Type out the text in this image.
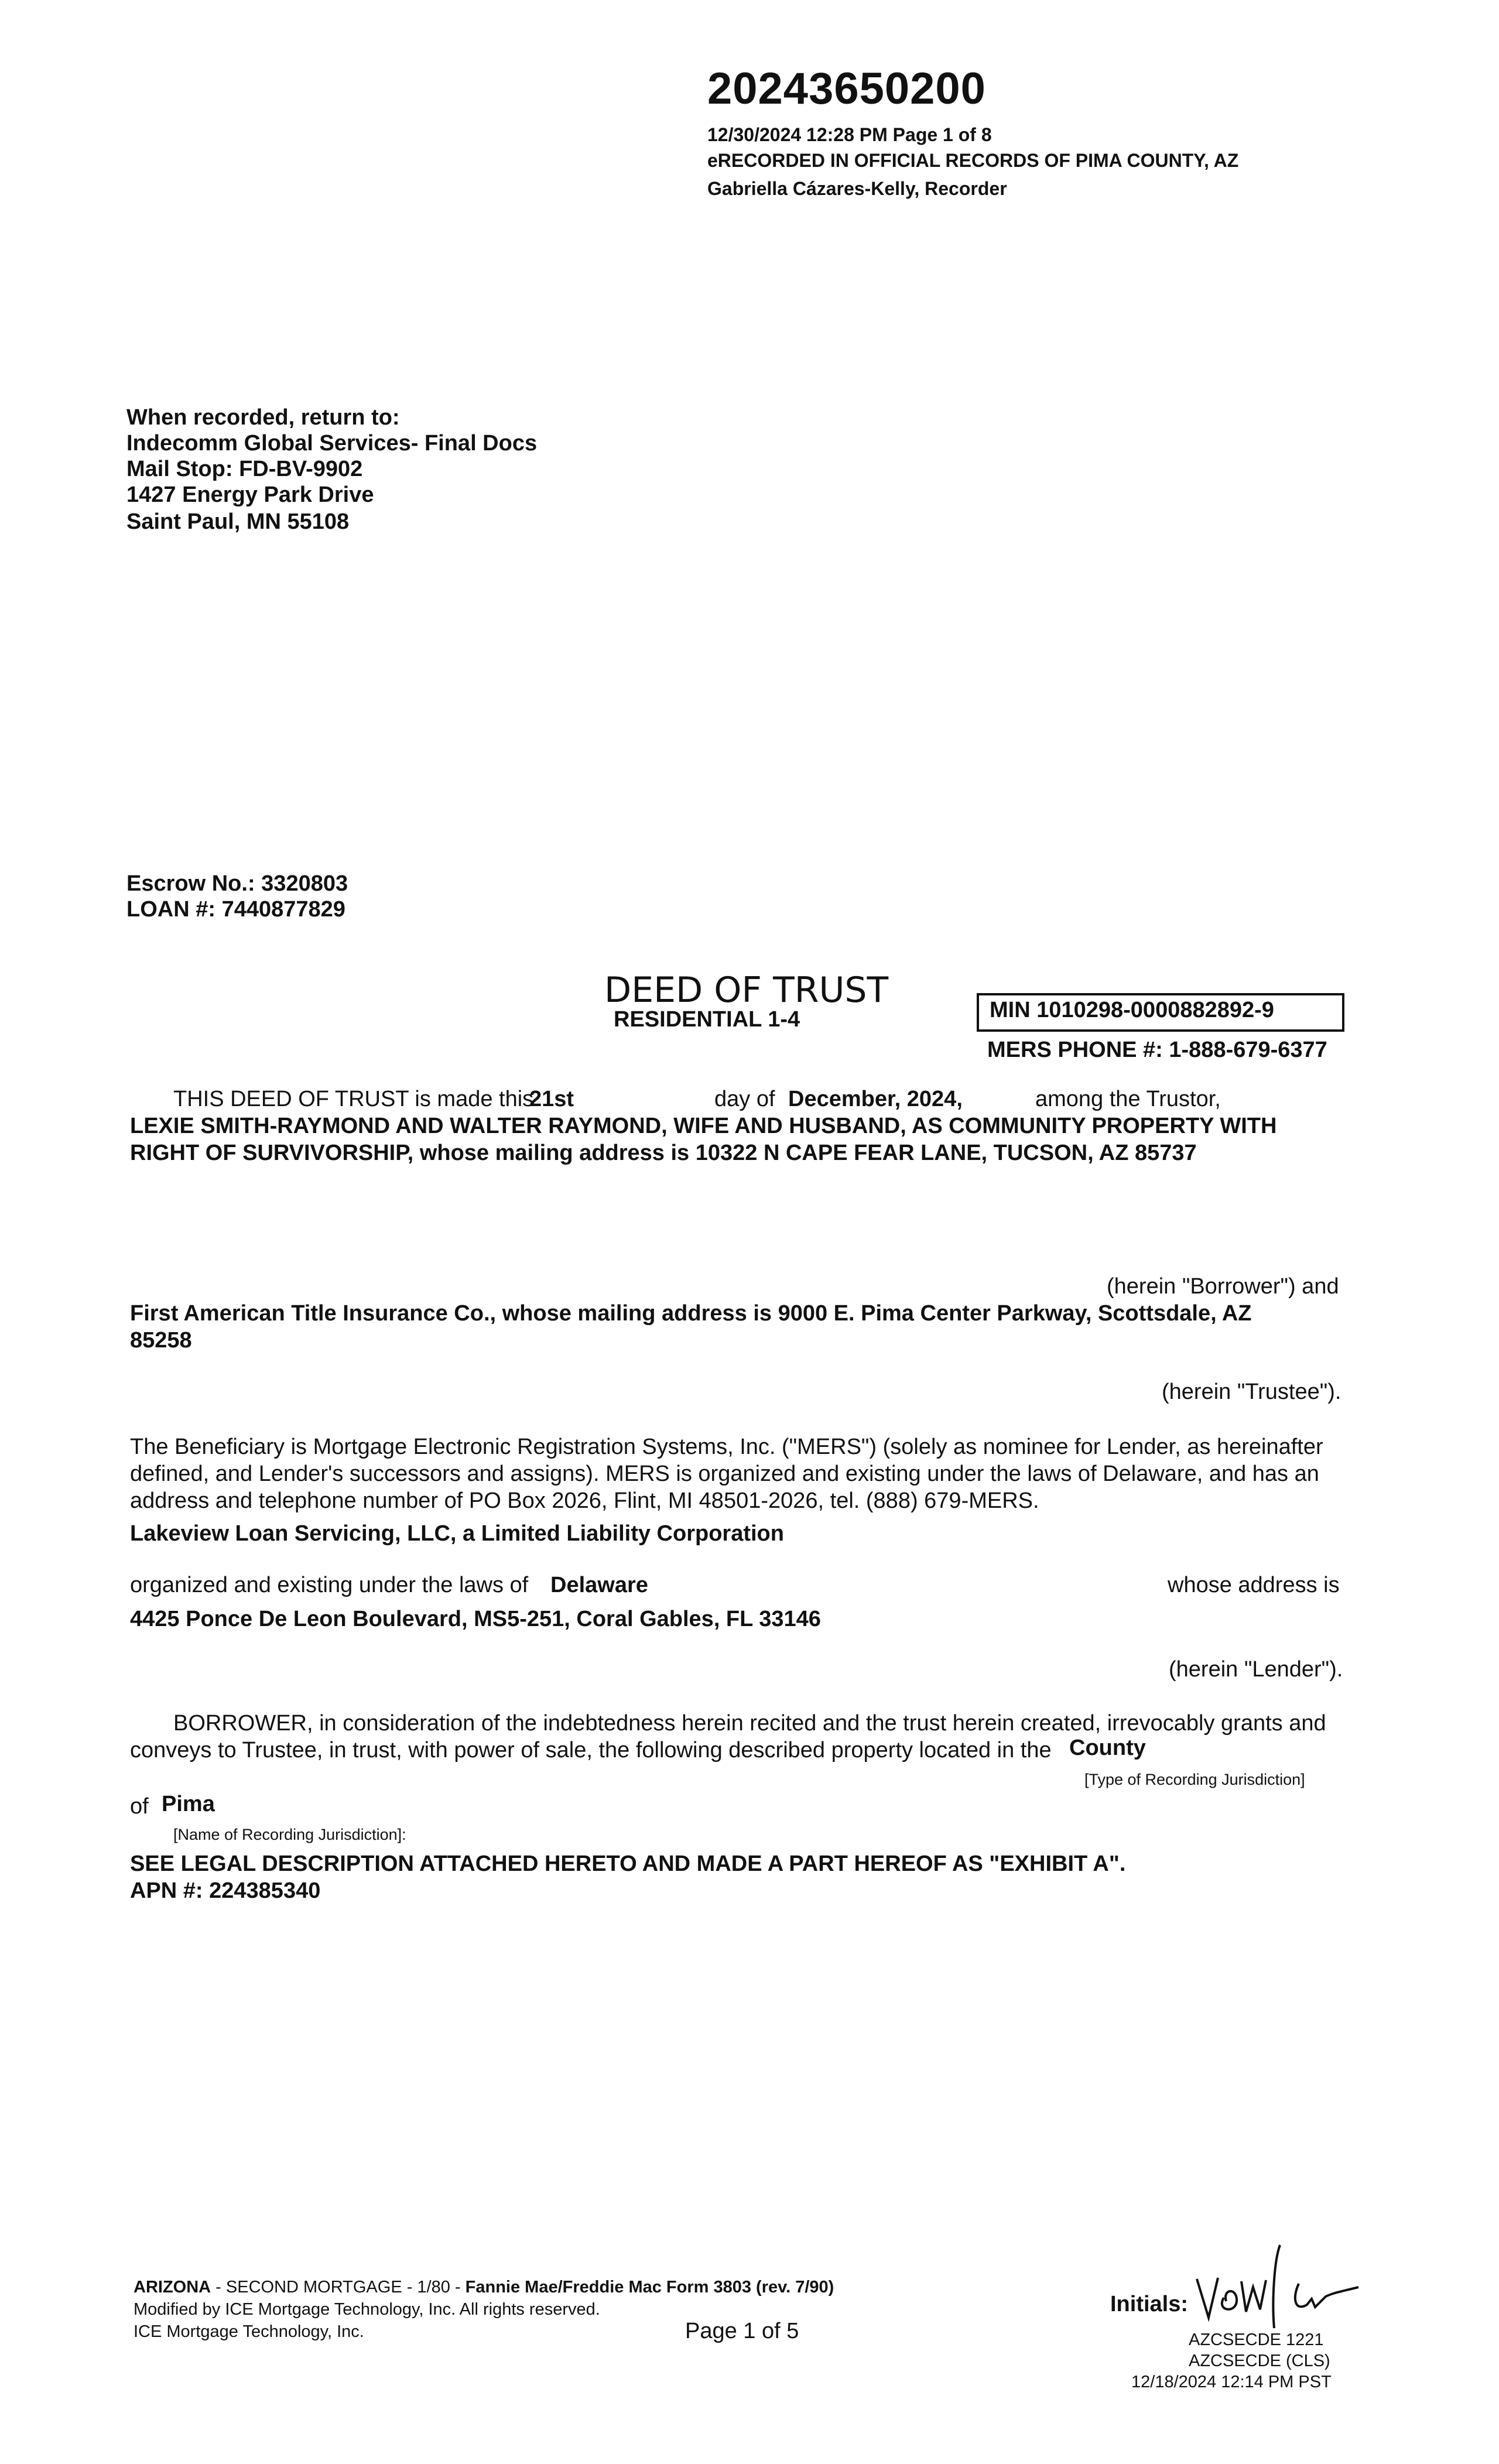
20243650200
12/30/2024 12:28 PM Page 1 of 8
eRECORDED IN OFFICIAL RECORDS OF PIMA COUNTY, AZ
Gabriella Cázares-Kelly, Recorder
When recorded, return to:
Indecomm Global Services- Final Docs
Mail Stop: FD-BV-9902
1427 Energy Park Drive
Saint Paul, MN 55108
Escrow No.: 3320803
LOAN #: 7440877829
DEED OF TRUST
RESIDENTIAL 1-4	MIN 1010298-0000882892-9
MERS PHONE #: 1-888-679-6377
THIS DEED OF TRUST is made this
21st	day of December, 2024,	among the Trustor,
LEXIE SMITH-RAYMOND AND WALTER RAYMOND, WIFE AND HUSBAND, AS COMMUNITY PROPERTY WITH
RIGHT OF SURVIVORSHIP, whose mailing address is 10322 N CAPE FEAR LANE, TUCSON, AZ 85737
(herein "Borrower") and
First American Title Insurance Co., whose mailing address is 9000 E. Pima Center Parkway, Scottsdale, AZ
85258
(herein "Trustee").
The Beneficiary is Mortgage Electronic Registration Systems, Inc. ("MERS") (solely as nominee for Lender, as hereinafter
defined, and Lender's successors and assigns). MERS is organized and existing under the laws of Delaware, and has an
address and telephone number of PO Box 2026, Flint, MI 48501-2026, tel. (888) 679-MERS.
Lakeview Loan Servicing, LLC, a Limited Liability Corporation
organized and existing under the laws of Delaware	whose address is
4425 Ponce De Leon Boulevard, MS5-251, Coral Gables, FL 33146
(herein "Lender").
BORROWER, in consideration of the indebtedness herein recited and the trust herein created, irrevocably grants and
conveys to Trustee, in trust, with power of sale, the following described property located in the County
[Type of Recording Jurisdiction]
of Pima
[Name of Recording Jurisdiction]:
SEE LEGAL DESCRIPTION ATTACHED HERETO AND MADE A PART HEREOF AS "EXHIBIT A".
APN #: 224385340
ARIZONA - SECOND MORTGAGE - 1/80 - Fannie Mae/Freddie Mac Form 3803 (rev. 7/90)
Modified by ICE Mortgage Technology, Inc. All rights reserved.
ICE Mortgage Technology, Inc.	Page 1 of 5
Initials:
AZCSECDE 1221
AZCSECDE (CLS)
12/18/2024 12:14 PM PST
